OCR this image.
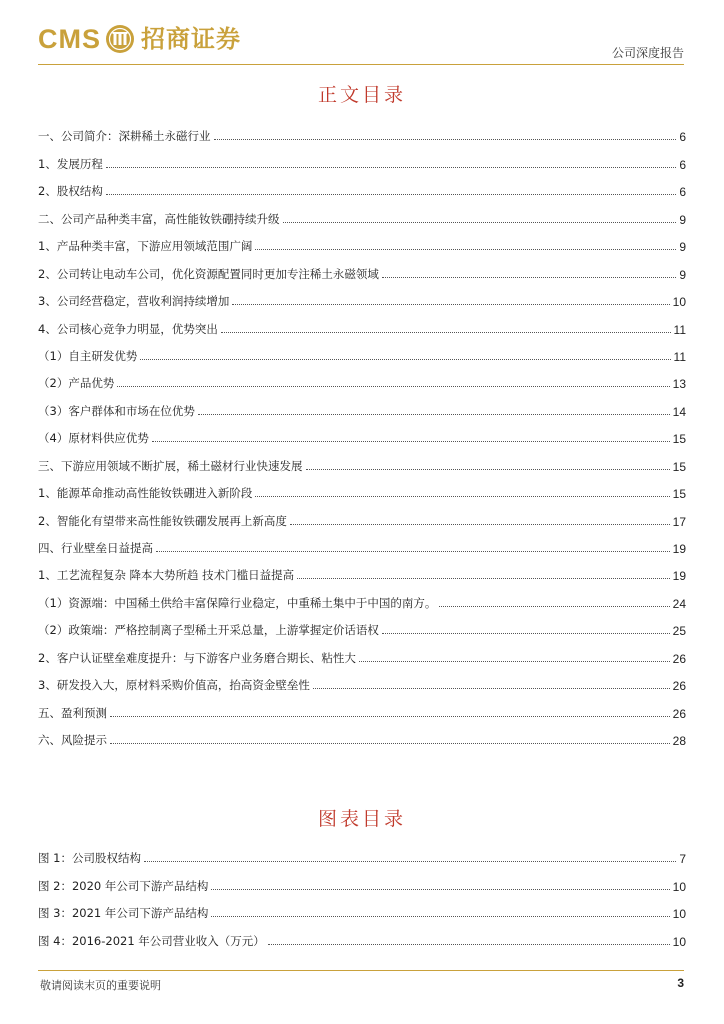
CMS 招商证券	公司深度报告
正文目录
一、公司简介：深耕稀土永磁行业	6
1、发展历程	6
2、股权结构	6
二、公司产品种类丰富，高性能钕铁硼持续升级	9
1、产品种类丰富，下游应用领域范围广阔	9
2、公司转让电动车公司，优化资源配置同时更加专注稀土永磁领域	9
3、公司经营稳定，营收利润持续增加	10
4、公司核心竞争力明显，优势突出	11
（1）自主研发优势	11
（2）产品优势	13
（3）客户群体和市场在位优势	14
（4）原材料供应优势	15
三、下游应用领域不断扩展，稀土磁材行业快速发展	15
1、能源革命推动高性能钕铁硼进入新阶段	15
2、智能化有望带来高性能钕铁硼发展再上新高度	17
四、行业壁垒日益提高	19
1、工艺流程复杂 降本大势所趋 技术门槛日益提高	19
（1）资源端：中国稀土供给丰富保障行业稳定，中重稀土集中于中国的南方。	24
（2）政策端：严格控制离子型稀土开采总量，上游掌握定价话语权	25
2、客户认证壁垒难度提升：与下游客户业务磨合期长、粘性大	26
3、研发投入大，原材料采购价值高，抬高资金壁垒性	26
五、盈利预测	26
六、风险提示	28
图表目录
图 1：公司股权结构	7
图 2：2020 年公司下游产品结构	10
图 3：2021 年公司下游产品结构	10
图 4：2016-2021 年公司营业收入（万元）	10
敬请阅读末页的重要说明	3
